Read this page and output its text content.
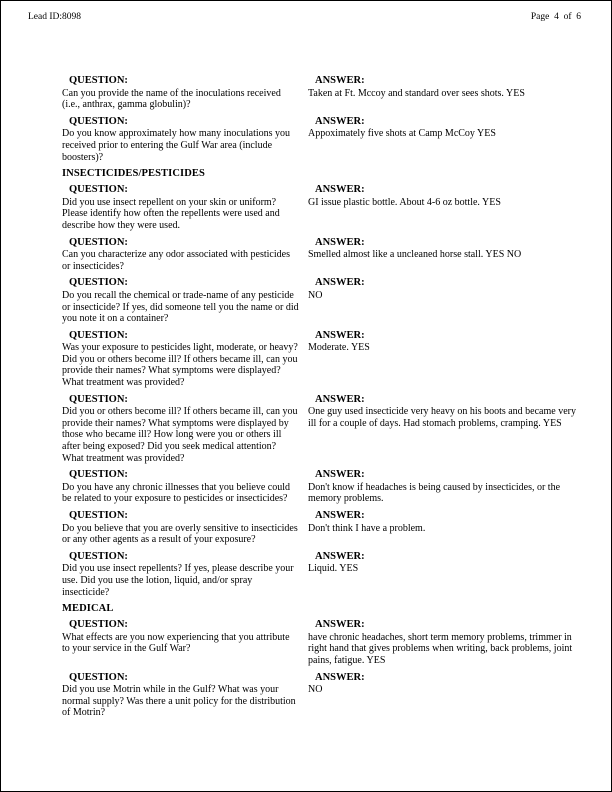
Lead ID:8098	Page  4  of  6
QUESTION:
Can you provide the name of the inoculations received (i.e., anthrax, gamma globulin)?
ANSWER:
Taken at Ft. Mccoy and standard over sees shots. YES
QUESTION:
Do you know approximately how many inoculations you received prior to entering the Gulf War area (include boosters)?
ANSWER:
Appoximately five shots at Camp McCoy YES
INSECTICIDES/PESTICIDES
QUESTION:
Did you use insect repellent on your skin or uniform? Please identify how often the repellents were used and describe how they were used.
ANSWER:
GI issue plastic bottle. About 4-6 oz bottle. YES
QUESTION:
Can you characterize any odor associated with pesticides or insecticides?
ANSWER:
Smelled almost like a uncleaned horse stall. YES NO
QUESTION:
Do you recall the chemical or trade-name of any pesticide or insecticide? If yes, did someone tell you the name or did you note it on a container?
ANSWER:
NO
QUESTION:
Was your exposure to pesticides light, moderate, or heavy? Did you or others become ill? If others became ill, can you provide their names? What symptoms were displayed? What treatment was provided?
ANSWER:
Moderate. YES
QUESTION:
Did you or others become ill? If others became ill, can you provide their names? What symptoms were displayed by those who became ill? How long were you or others ill after being exposed? Did you seek medical attention? What treatment was provided?
ANSWER:
One guy used insecticide very heavy on his boots and became very ill for a couple of days. Had stomach problems, cramping. YES
QUESTION:
Do you have any chronic illnesses that you believe could be related to your exposure to pesticides or insecticides?
ANSWER:
Don't know if headaches is being caused by insecticides, or the memory problems.
QUESTION:
Do you believe that you are overly sensitive to insecticides or any other agents as a result of your exposure?
ANSWER:
Don't think I have a problem.
QUESTION:
Did you use insect repellents? If yes, please describe your use. Did you use the lotion, liquid, and/or spray insecticide?
ANSWER:
Liquid. YES
MEDICAL
QUESTION:
What effects are you now experiencing that you attribute to your service in the Gulf War?
ANSWER:
have chronic headaches, short term memory problems, trimmer in right hand that gives problems when writing, back problems, joint pains, fatigue. YES
QUESTION:
Did you use Motrin while in the Gulf? What was your normal supply? Was there a unit policy for the distribution of Motrin?
ANSWER:
NO
